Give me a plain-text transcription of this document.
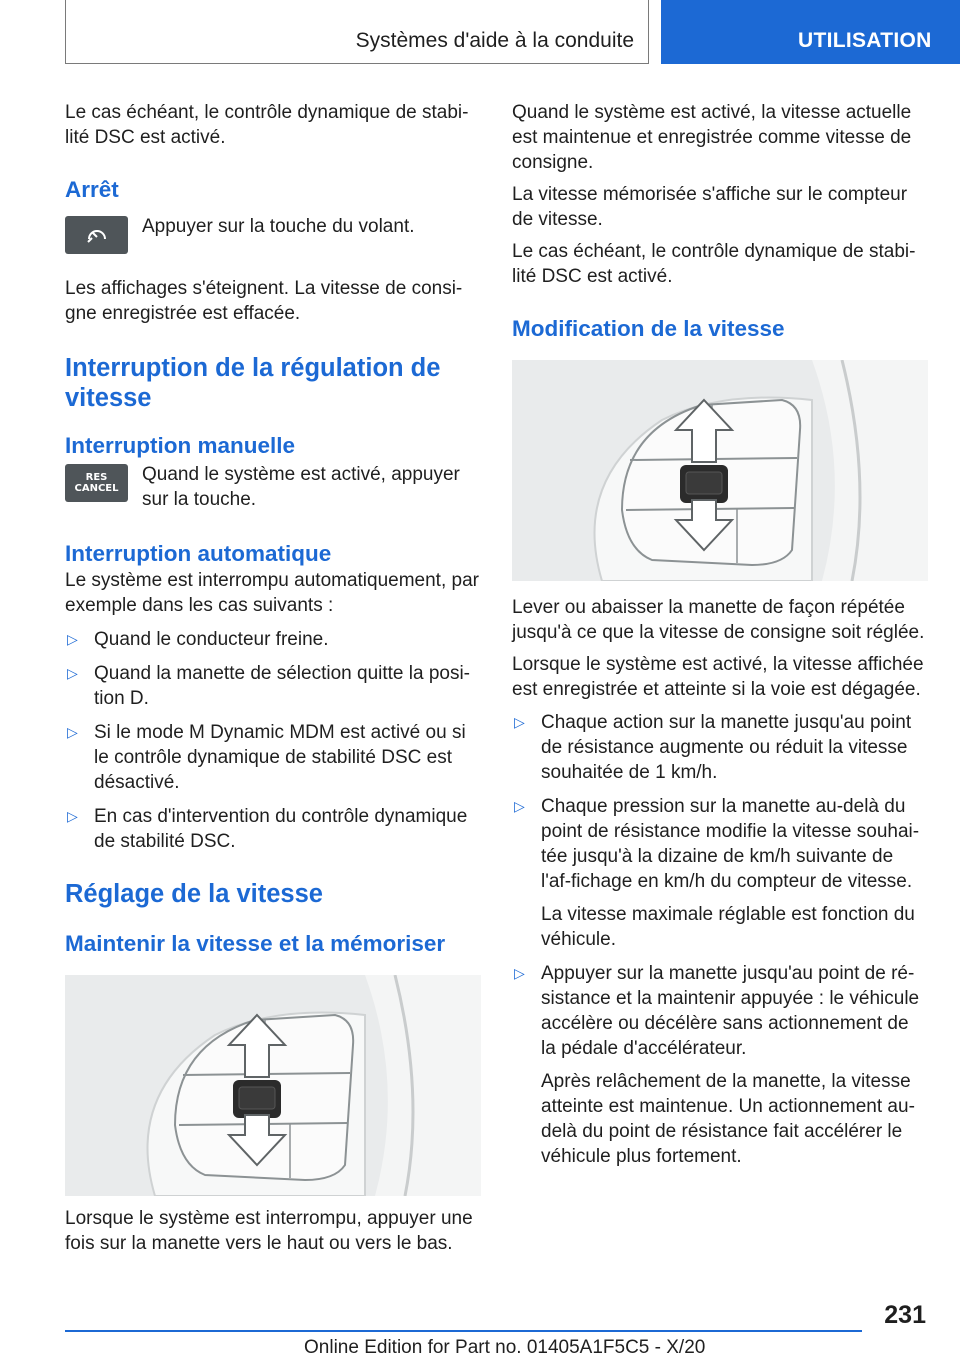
Systèmes d'aide à la conduite	UTILISATION

Le cas échéant, le contrôle dynamique de stabi-lité DSC est activé.

Arrêt

Appuyer sur la touche du volant.

Les affichages s'éteignent. La vitesse de consi-gne enregistrée est effacée.

Interruption de la régulation de vitesse
Interruption manuelle
RES
CANCEL

Quand le système est activé, appuyer sur la touche.

Interruption automatique

Le système est interrompu automatiquement, par exemple dans les cas suivants :

▷ Quand le conducteur freine.
▷ Quand la manette de sélection quitte la posi-tion D.
▷ Si le mode M Dynamic MDM est activé ou si le contrôle dynamique de stabilité DSC est désactivé.
▷ En cas d'intervention du contrôle dynamique de stabilité DSC.
Réglage de la vitesse
Maintenir la vitesse et la mémoriser

Lorsque le système est interrompu, appuyer une fois sur la manette vers le haut ou vers le bas.

Quand le système est activé, la vitesse actuelle est maintenue et enregistrée comme vitesse de consigne.

La vitesse mémorisée s'affiche sur le compteur de vitesse.

Le cas échéant, le contrôle dynamique de stabi-lité DSC est activé.

Modification de la vitesse

Lever ou abaisser la manette de façon répétée jusqu'à ce que la vitesse de consigne soit réglée.

Lorsque le système est activé, la vitesse affichée est enregistrée et atteinte si la voie est dégagée.

▷ Chaque action sur la manette jusqu'au point de résistance augmente ou réduit la vitesse souhaitée de 1 km/h.
▷ Chaque pression sur la manette au-delà du point de résistance modifie la vitesse souhai-tée jusqu'à la dizaine de km/h suivante de l'af-fichage en km/h du compteur de vitesse.

La vitesse maximale réglable est fonction du véhicule.

▷ Appuyer sur la manette jusqu'au point de ré-sistance et la maintenir appuyée : le véhicule accélère ou décélère sans actionnement de la pédale d'accélérateur.

Après relâchement de la manette, la vitesse atteinte est maintenue. Un actionnement au-delà du point de résistance fait accélérer le véhicule plus fortement.

231
Online Edition for Part no. 01405A1F5C5 - X/20
